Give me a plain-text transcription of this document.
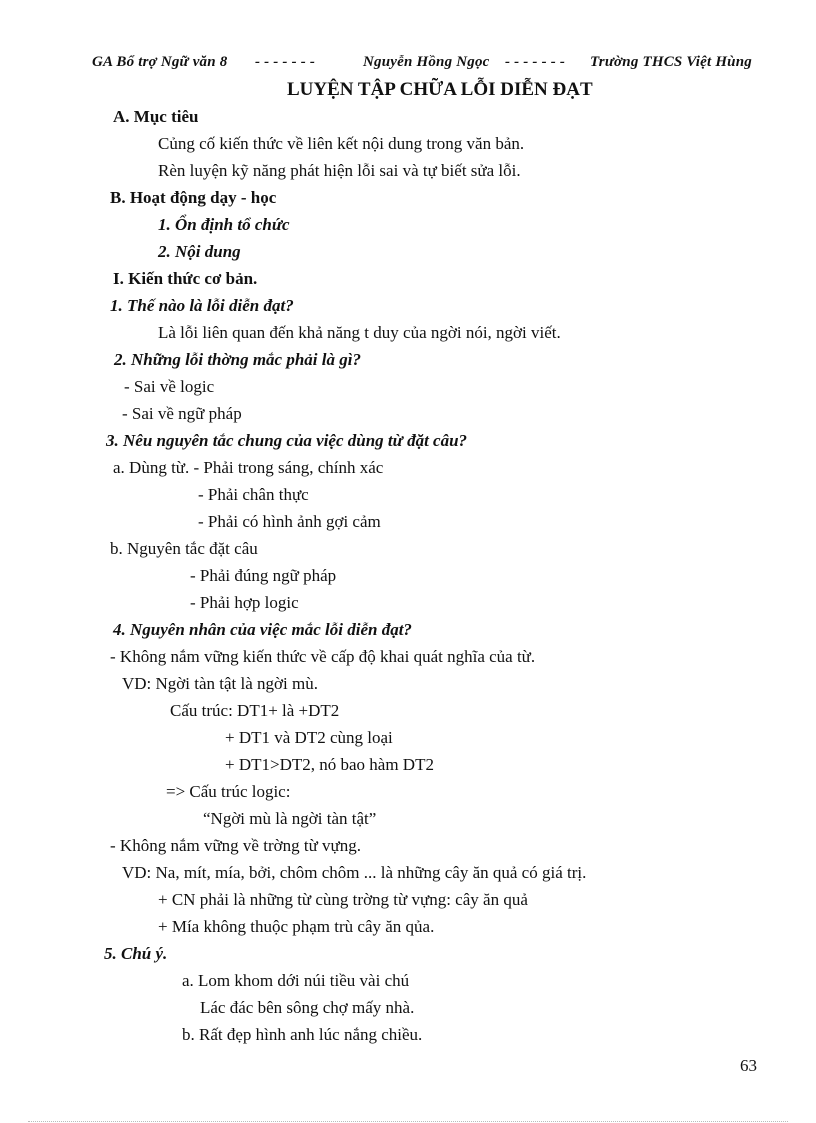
GA Bổ trợ Ngữ văn 8 - - - - - - -	Nguyễn Hồng Ngọc - - - - - - - Trường THCS Việt Hùng
LUYỆN TẬP CHỮA LỖI DIỄN ĐẠT
A. Mục tiêu
Củng cố kiến thức về liên kết nội dung trong văn bản.
Rèn luyện kỹ năng phát hiện lỗi sai và tự biết sửa lỗi.
B. Hoạt động dạy - học
1. Ổn định tổ chức
2. Nội dung
I. Kiến thức cơ bản.
1. Thế nào là lỗi diễn đạt?
Là lỗi liên quan đến khả năng t duy của ngời nói, ngời viết.
2. Những lỗi thờng mắc phải là gì?
- Sai về logic
- Sai về ngữ pháp
3. Nêu nguyên tắc chung của việc dùng từ đặt câu?
a. Dùng từ. - Phải trong sáng, chính xác
- Phải chân thực
- Phải có hình ảnh gợi cảm
b. Nguyên tắc đặt câu
- Phải đúng ngữ pháp
- Phải hợp logic
4. Nguyên nhân của việc mắc lỗi diễn đạt?
- Không nắm vững kiến thức về cấp độ khai quát nghĩa của từ.
VD: Ngời tàn tật là ngời mù.
Cấu trúc: DT1+ là +DT2
+ DT1 và DT2 cùng loại
+ DT1>DT2, nó bao hàm DT2
=> Cấu trúc logic:
“Ngời mù là ngời tàn tật”
- Không nắm vững về trờng từ vựng.
VD: Na, mít, mía, bởi, chôm chôm ... là những cây ăn quả có giá trị.
+ CN phải là những từ cùng trờng từ vựng: cây ăn quả
+ Mía không thuộc phạm trù cây ăn qủa.
5. Chú ý.
a. Lom khom dới núi tiều vài chú
Lác đác bên sông chợ mấy nhà.
b. Rất đẹp hình anh lúc nắng chiều.
63
